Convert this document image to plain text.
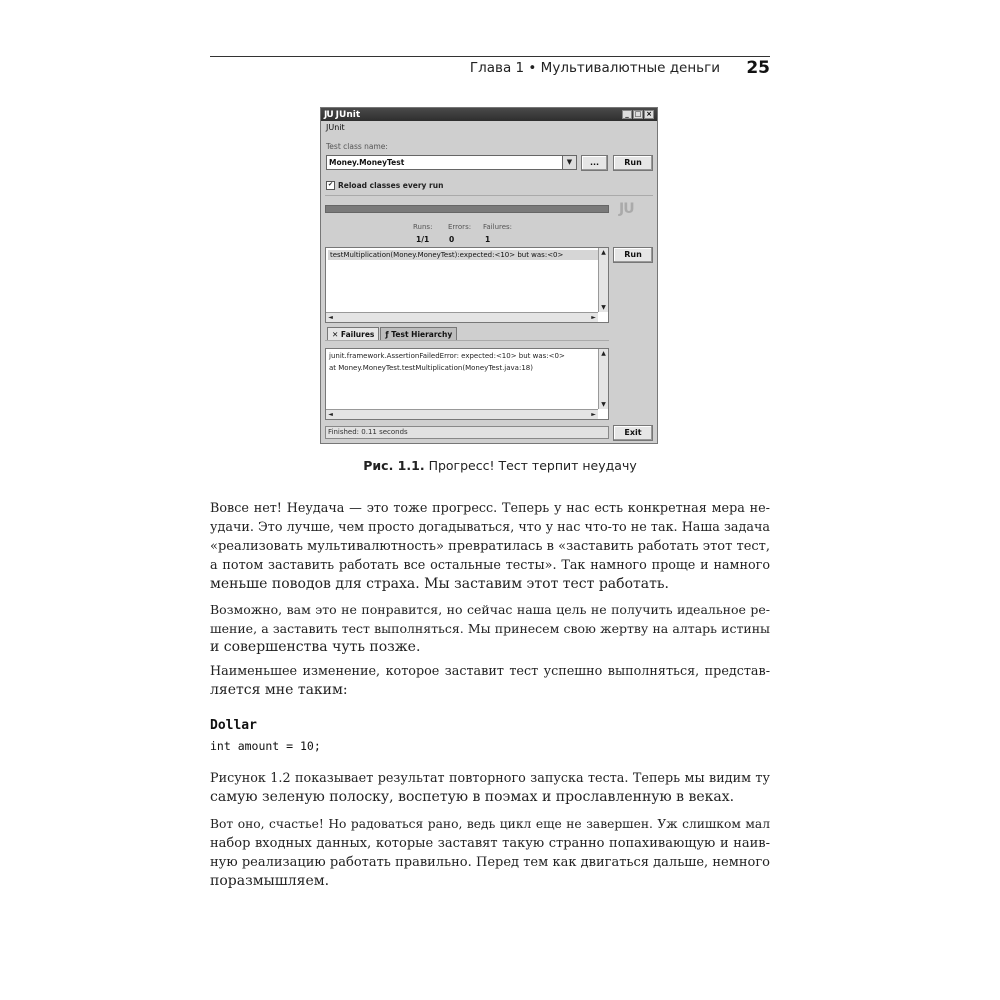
Глава 1 • Мультивалютные деньги 25
JU JUnit	_ □ ×
JUnit
Test class name:
Money.MoneyTest	▼	...	Run
✔ Reload classes every run
JU
Runs: Errors: Failures:
1/1	0	1
testMultiplication(Money.MoneyTest):expected:<10> but was:<0>	▲
▼
◄	►
Run
✕ Failures	ƒ Test Hierarchy
junit.framework.AssertionFailedError: expected:<10> but was:<0>
at Money.MoneyTest.testMultiplication(MoneyTest.java:18)
▲
▼
◄	►
Finished: 0.11 seconds	Exit
Рис. 1.1. Прогресс! Тест терпит неудачу
Вовсе нет! Неудача — это тоже прогресс. Теперь у нас есть конкретная мера не-
удачи. Это лучше, чем просто догадываться, что у нас что-то не так. Наша задача
«реализовать мультивалютность» превратилась в «заставить работать этот тест,
а потом заставить работать все остальные тесты». Так намного проще и намного
меньше поводов для страха. Мы заставим этот тест работать.
Возможно, вам это не понравится, но сейчас наша цель не получить идеальное ре-
шение, а заставить тест выполняться. Мы принесем свою жертву на алтарь истины
и совершенства чуть позже.
Наименьшее изменение, которое заставит тест успешно выполняться, представ-
ляется мне таким:
Dollar
int amount = 10;
Рисунок 1.2 показывает результат повторного запуска теста. Теперь мы видим ту
самую зеленую полоску, воспетую в поэмах и прославленную в веках.
Вот оно, счастье! Но радоваться рано, ведь цикл еще не завершен. Уж слишком мал
набор входных данных, которые заставят такую странно попахивающую и наив-
ную реализацию работать правильно. Перед тем как двигаться дальше, немного
поразмышляем.
